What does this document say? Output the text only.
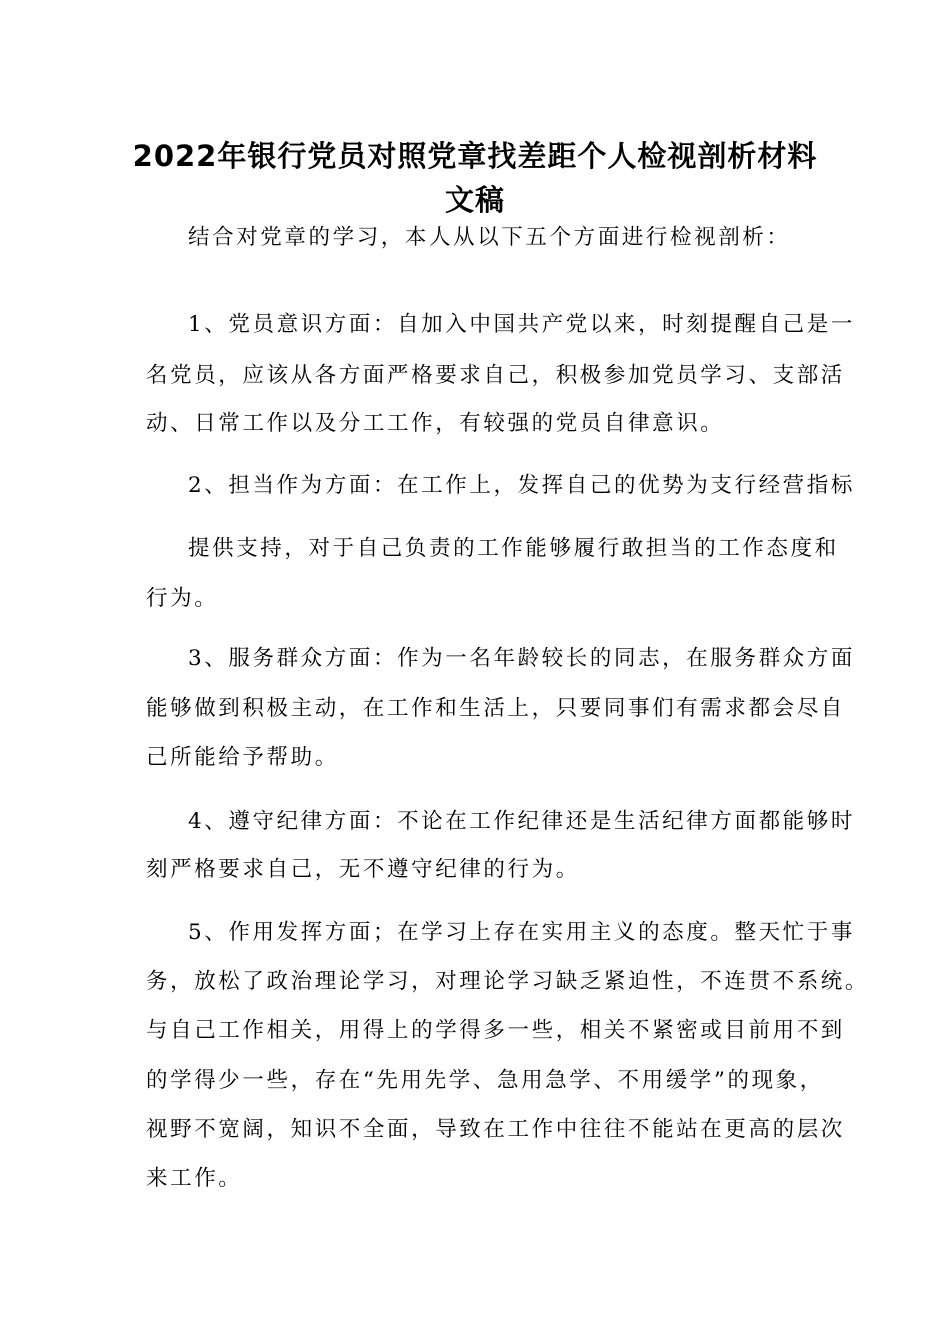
2022年银行党员对照党章找差距个人检视剖析材料
文稿
结合对党章的学习，本人从以下五个方面进行检视剖析：
1、党员意识方面：自加入中国共产党以来，时刻提醒自己是一
名党员，应该从各方面严格要求自己，积极参加党员学习、支部活
动、日常工作以及分工工作，有较强的党员自律意识。
2、担当作为方面：在工作上，发挥自己的优势为支行经营指标
提供支持，对于自己负责的工作能够履行敢担当的工作态度和
行为。
3、服务群众方面：作为一名年龄较长的同志，在服务群众方面
能够做到积极主动，在工作和生活上，只要同事们有需求都会尽自
己所能给予帮助。
4、遵守纪律方面：不论在工作纪律还是生活纪律方面都能够时
刻严格要求自己，无不遵守纪律的行为。
5、作用发挥方面；在学习上存在实用主义的态度。整天忙于事
务，放松了政治理论学习，对理论学习缺乏紧迫性，不连贯不系统。
与自己工作相关，用得上的学得多一些，相关不紧密或目前用不到
的学得少一些，存在“先用先学、急用急学、不用缓学”的现象，
视野不宽阔，知识不全面，导致在工作中往往不能站在更高的层次
来工作。
